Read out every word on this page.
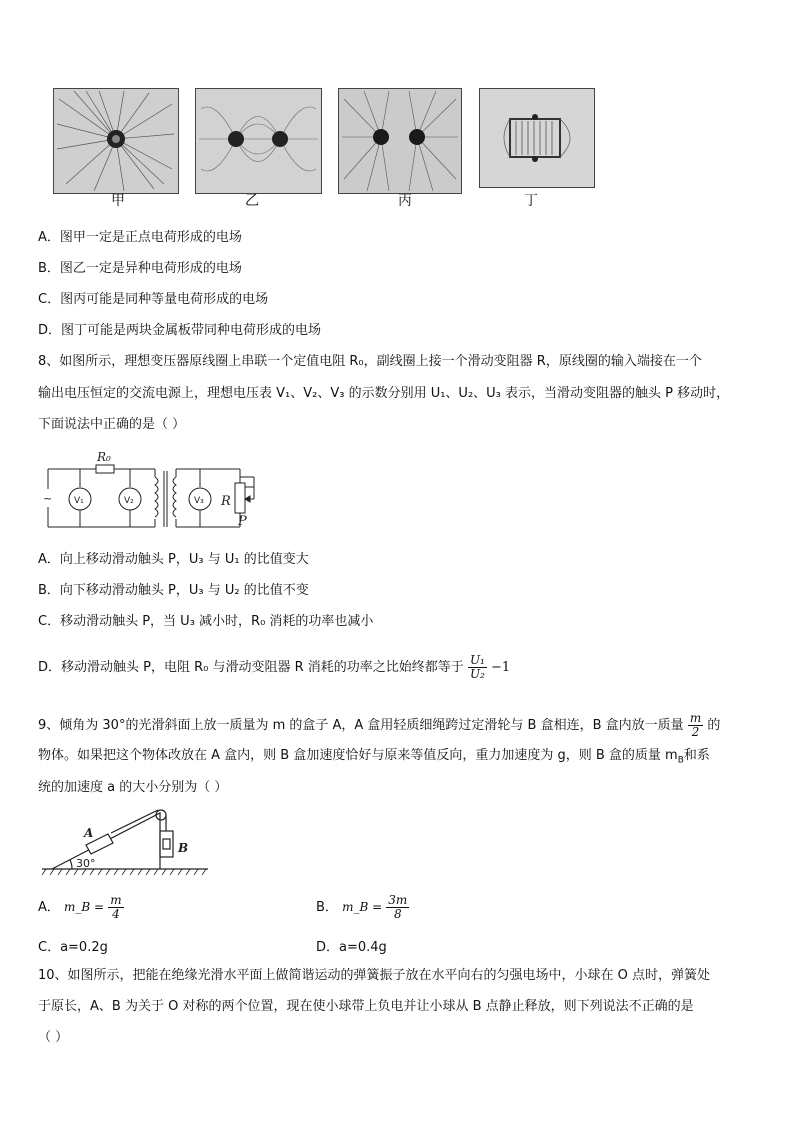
甲	乙	丙	丁
A．图甲一定是正点电荷形成的电场
B．图乙一定是异种电荷形成的电场
C．图丙可能是同种等量电荷形成的电场
D．图丁可能是两块金属板带同种电荷形成的电场
8、如图所示，理想变压器原线圈上串联一个定值电阻 R₀，副线圈上接一个滑动变阻器 R，原线圈的输入端接在一个
输出电压恒定的交流电源上，理想电压表 V₁、V₂、V₃ 的示数分别用 U₁、U₂、U₃ 表示，当滑动变阻器的触头 P 移动时，
下面说法中正确的是（ ）
~
R₀
V₁	V₂	V₃ R
P
A．向上移动滑动触头 P，U₃ 与 U₁ 的比值变大
B．向下移动滑动触头 P，U₃ 与 U₂ 的比值不变
C．移动滑动触头 P，当 U₃ 减小时，R₀ 消耗的功率也减小
D．移动滑动触头 P，电阻 R₀ 与滑动变阻器 R 消耗的功率之比始终都等于 $\frac{\text{U₁}}{\text{U₂}} -1$
9、倾角为 30°的光滑斜面上放一质量为 m 的盒子 A，A 盒用轻质细绳跨过定滑轮与 B 盒相连，B 盒内放一质量 $\frac{m}{2}$ 的
物体。如果把这个物体改放在 A 盒内，则 B 盒加速度恰好与原来等值反向，重力加速度为 g，则 B 盒的质量 $m_B$和系
统的加速度 a 的大小分别为（ ）
A
B
30°
A． m_B = $\frac{m}{4}$	B． m_B = $\frac{3m}{8}$
C．a=0.2g	D．a=0.4g
10、如图所示，把能在绝缘光滑水平面上做简谐运动的弹簧振子放在水平向右的匀强电场中，小球在 O 点时，弹簧处
于原长，A、B 为关于 O 对称的两个位置，现在使小球带上负电并让小球从 B 点静止释放，则下列说法不正确的是
（ ）
